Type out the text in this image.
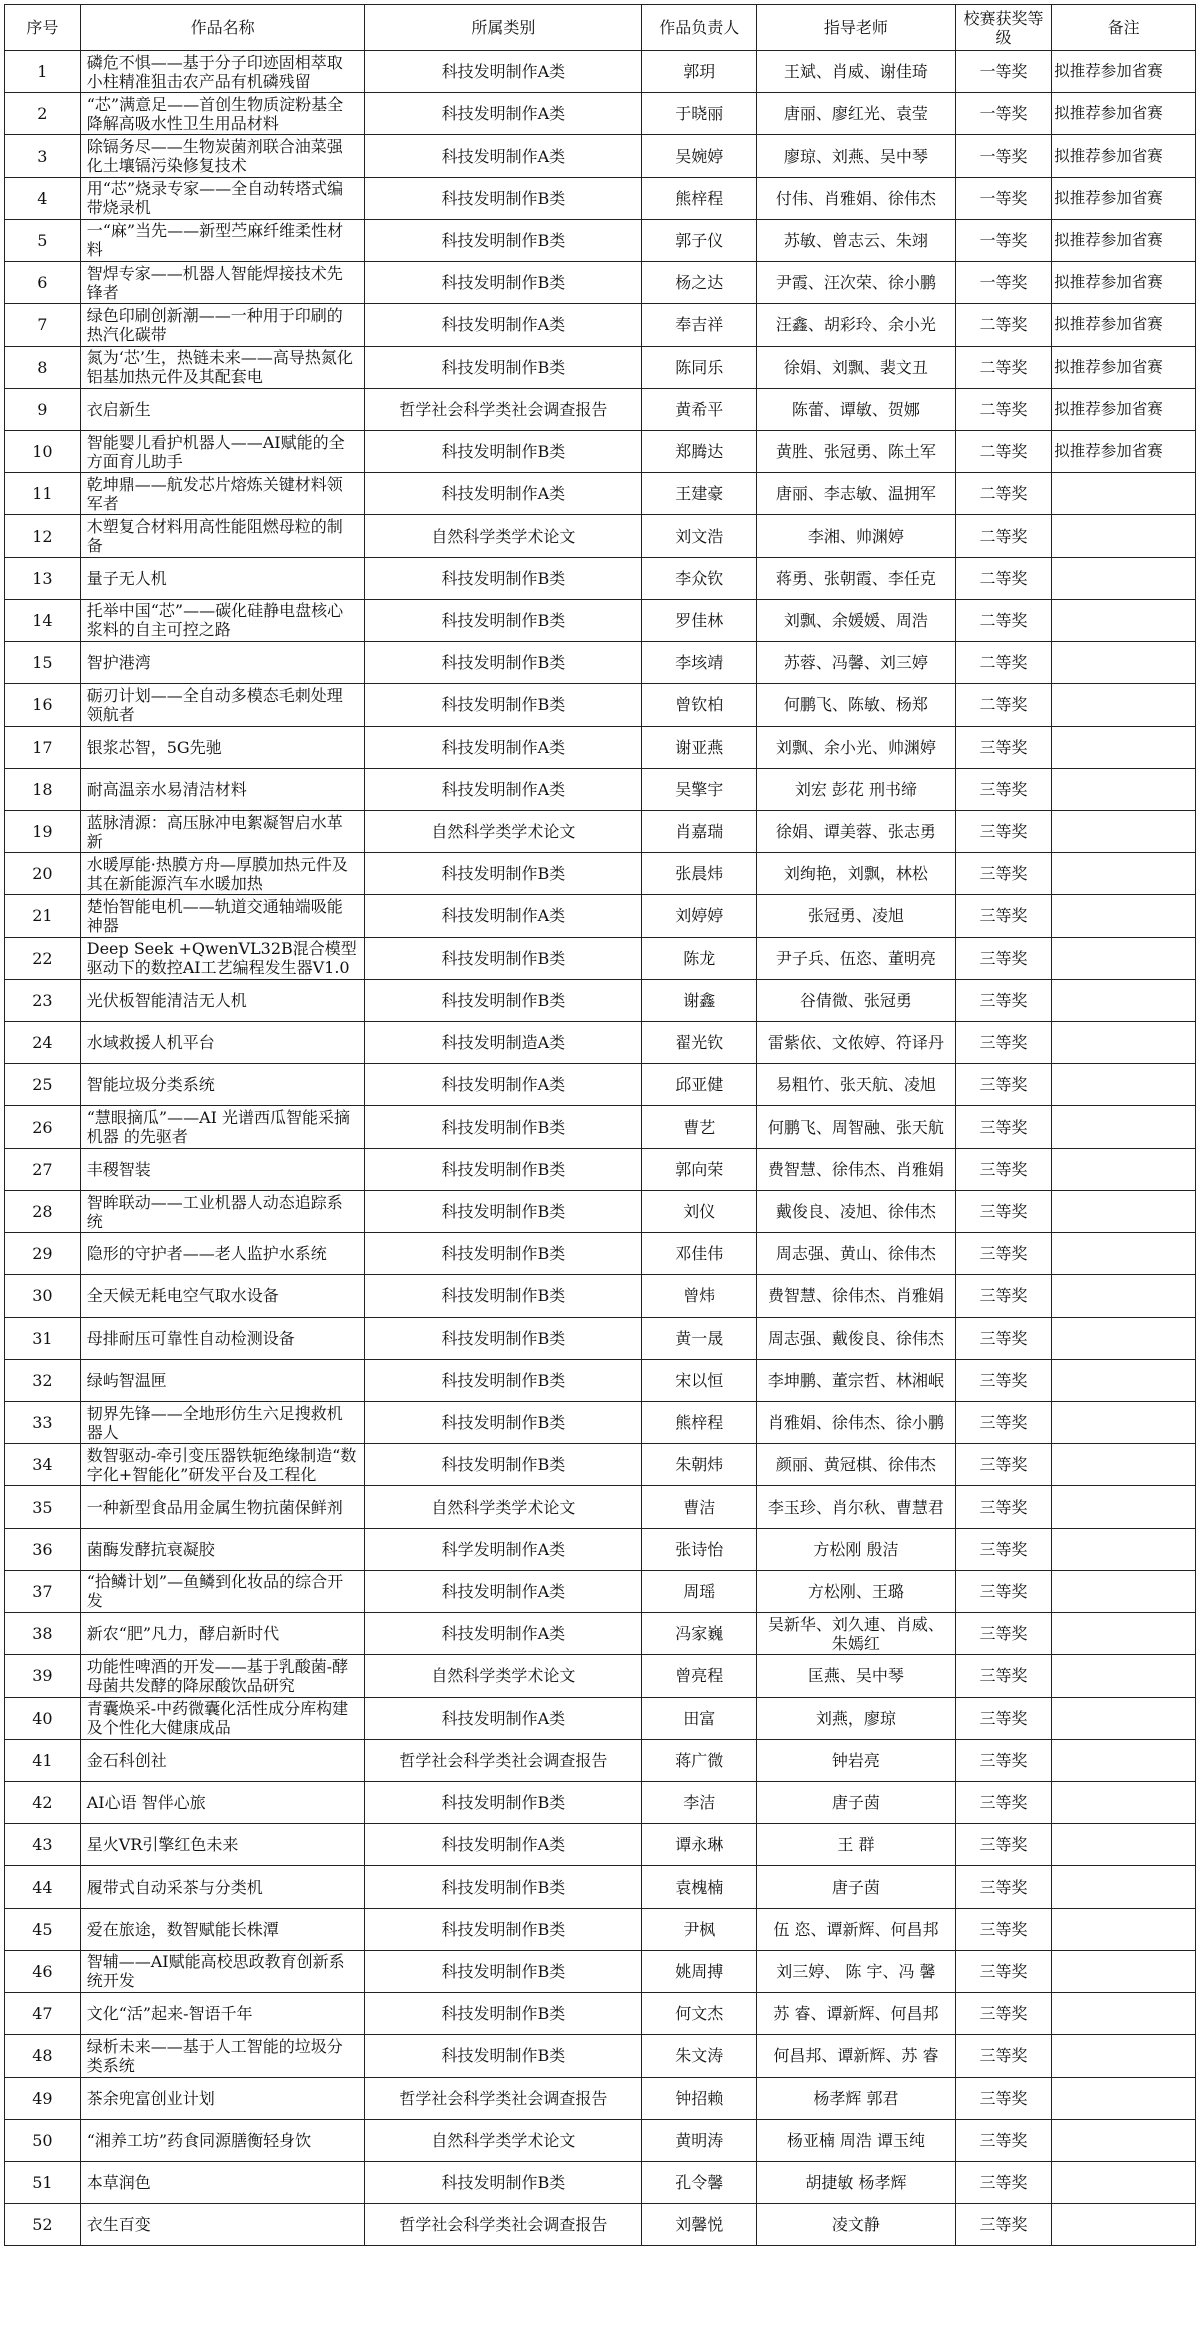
序号	作品名称	所属类别	作品负责人	指导老师	校赛获奖等级	备注
1	磷危不惧——基于分子印迹固相萃取小柱精准狙击农产品有机磷残留	科技发明制作A类	郭玥	王斌、肖威、谢佳琦	一等奖	拟推荐参加省赛
2	“芯”满意足——首创生物质淀粉基全降解高吸水性卫生用品材料	科技发明制作A类	于晓丽	唐丽、廖红光、袁莹	一等奖	拟推荐参加省赛
3	除镉务尽——生物炭菌剂联合油菜强化土壤镉污染修复技术	科技发明制作A类	吴婉婷	廖琼、刘燕、吴中琴	一等奖	拟推荐参加省赛
4	用“芯”烧录专家——全自动转塔式编带烧录机	科技发明制作B类	熊梓程	付伟、肖雅娟、徐伟杰	一等奖	拟推荐参加省赛
5	一“麻”当先——新型苎麻纤维柔性材料	科技发明制作B类	郭子仪	苏敏、曾志云、朱翊	一等奖	拟推荐参加省赛
6	智焊专家——机器人智能焊接技术先锋者	科技发明制作B类	杨之达	尹霞、汪次荣、徐小鹏	一等奖	拟推荐参加省赛
7	绿色印刷创新潮——一种用于印刷的热汽化碳带	科技发明制作A类	奉吉祥	汪鑫、胡彩玲、余小光	二等奖	拟推荐参加省赛
8	氮为‘芯’生，热链未来——高导热氮化铝基加热元件及其配套电	科技发明制作B类	陈同乐	徐娟、刘飘、裴文丑	二等奖	拟推荐参加省赛
9	衣启新生	哲学社会科学类社会调查报告	黄希平	陈蕾、谭敏、贺娜	二等奖	拟推荐参加省赛
10	智能婴儿看护机器人——AI赋能的全方面育儿助手	科技发明制作B类	郑腾达	黄胜、张冠勇、陈土军	二等奖	拟推荐参加省赛
11	乾坤鼎——航发芯片熔炼关键材料领军者	科技发明制作A类	王建豪	唐丽、李志敏、温拥军	二等奖	
12	木塑复合材料用高性能阻燃母粒的制备	自然科学类学术论文	刘文浩	李湘、帅渊婷	二等奖	
13	量子无人机	科技发明制作B类	李众钦	蒋勇、张朝霞、李任克	二等奖	
14	托举中国“芯”——碳化硅静电盘核心浆料的自主可控之路	科技发明制作B类	罗佳林	刘飘、余媛媛、周浩	二等奖	
15	智护港湾	科技发明制作B类	李垓靖	苏蓉、冯馨、刘三婷	二等奖	
16	砺刃计划——全自动多模态毛刺处理领航者	科技发明制作B类	曾钦柏	何鹏飞、陈敏、杨郑	二等奖	
17	银浆芯智，5G先驰	科技发明制作A类	谢亚燕	刘飘、余小光、帅渊婷	三等奖	
18	耐高温亲水易清洁材料	科技发明制作A类	吴擎宇	刘宏 彭花 刑书缔	三等奖	
19	蓝脉清源：高压脉冲电絮凝智启水革新	自然科学类学术论文	肖嘉瑞	徐娟、谭美蓉、张志勇	三等奖	
20	水暖厚能·热膜方舟—厚膜加热元件及其在新能源汽车水暖加热	科技发明制作B类	张晨炜	刘绚艳，刘飘，林松	三等奖	
21	楚怡智能电机——轨道交通轴端吸能神器	科技发明制作A类	刘婷婷	张冠勇、凌旭	三等奖	
22	Deep Seek +QwenVL32B混合模型驱动下的数控AI工艺编程发生器V1.0	科技发明制作B类	陈龙	尹子兵、伍恣、董明亮	三等奖	
23	光伏板智能清洁无人机	科技发明制作B类	谢鑫	谷倩微、张冠勇	三等奖	
24	水域救援人机平台	科技发明制造A类	翟光钦	雷紫依、文侬婷、符译丹	三等奖	
25	智能垃圾分类系统	科技发明制作A类	邱亚健	易粗竹、张天航、凌旭	三等奖	
26	“慧眼摘瓜”——AI 光谱西瓜智能采摘机器 的先驱者	科技发明制作B类	曹艺	何鹏飞、周智融、张天航	三等奖	
27	丰稷智装	科技发明制作B类	郭向荣	费智慧、徐伟杰、肖雅娟	三等奖	
28	智眸联动——工业机器人动态追踪系统	科技发明制作B类	刘仪	戴俊良、凌旭、徐伟杰	三等奖	
29	隐形的守护者——老人监护水系统	科技发明制作B类	邓佳伟	周志强、黄山、徐伟杰	三等奖	
30	全天候无耗电空气取水设备	科技发明制作B类	曾炜	费智慧、徐伟杰、肖雅娟	三等奖	
31	母排耐压可靠性自动检测设备	科技发明制作B类	黄一晟	周志强、戴俊良、徐伟杰	三等奖	
32	绿屿智温匣	科技发明制作B类	宋以恒	李坤鹏、董宗哲、林湘岷	三等奖	
33	韧界先锋——全地形仿生六足搜救机器人	科技发明制作B类	熊梓程	肖雅娟、徐伟杰、徐小鹏	三等奖	
34	数智驱动-牵引变压器铁轭绝缘制造“数字化+智能化”研发平台及工程化	科技发明制作B类	朱朝炜	颜丽、黄冠棋、徐伟杰	三等奖	
35	一种新型食品用金属生物抗菌保鲜剂	自然科学类学术论文	曹洁	李玉珍、肖尔秋、曹慧君	三等奖	
36	菌酶发酵抗衰凝胶	科学发明制作A类	张诗怡	方松刚 殷洁	三等奖	
37	“拾鳞计划”—鱼鳞到化妆品的综合开发	科技发明制作A类	周瑶	方松刚、王璐	三等奖	
38	新农“肥”凡力，酵启新时代	科技发明制作A类	冯家巍	吴新华、刘久連、肖威、朱嫣红	三等奖	
39	功能性啤酒的开发——基于乳酸菌-酵母菌共发酵的降尿酸饮品研究	自然科学类学术论文	曾亮程	匡燕、吴中琴	三等奖	
40	青囊焕采-中药微囊化活性成分库构建及个性化大健康成品	科技发明制作A类	田富	刘燕，廖琼	三等奖	
41	金石科创社	哲学社会科学类社会调查报告	蒋广微	钟岩亮	三等奖	
42	AI心语 智伴心旅	科技发明制作B类	李洁	唐子茵	三等奖	
43	星火VR引擎红色未来	科技发明制作A类	谭永琳	王 群	三等奖	
44	履带式自动采茶与分类机	科技发明制作B类	袁槐楠	唐子茵	三等奖	
45	爱在旅途，数智赋能长株潭	科技发明制作B类	尹枫	伍 恣、谭新辉、何昌邦	三等奖	
46	智辅——AI赋能高校思政教育创新系统开发	科技发明制作B类	姚周搏	刘三婷、 陈 宇、冯 馨	三等奖	
47	文化“活”起来-智语千年	科技发明制作B类	何文杰	苏 睿、谭新辉、何昌邦	三等奖	
48	绿析未来——基于人工智能的垃圾分类系统	科技发明制作B类	朱文涛	何昌邦、谭新辉、苏 睿	三等奖	
49	茶余兜富创业计划	哲学社会科学类社会调查报告	钟招赖	杨孝辉 郭君	三等奖	
50	“湘养工坊”药食同源膳衡轻身饮	自然科学类学术论文	黄明涛	杨亚楠 周浩 谭玉纯	三等奖	
51	本草润色	科技发明制作B类	孔令馨	胡捷敏 杨孝辉	三等奖	
52	衣生百变	哲学社会科学类社会调查报告	刘馨悦	凌文静	三等奖	
